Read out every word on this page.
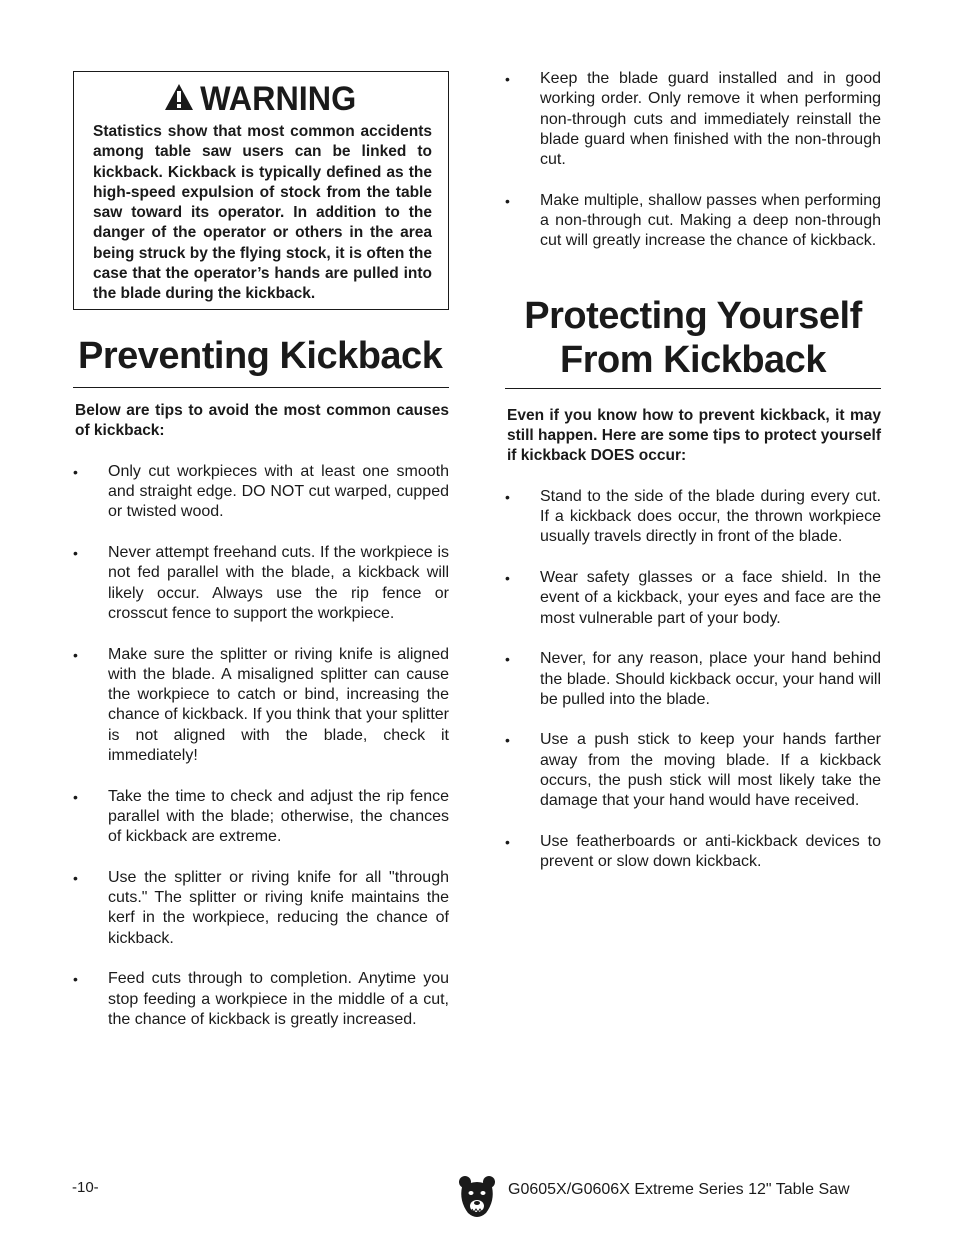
WARNING

Statistics show that most common accidents among table saw users can be linked to kickback. Kickback is typically defined as the high-speed expulsion of stock from the table saw toward its operator. In addition to the danger of the operator or others in the area being struck by the flying stock, it is often the case that the operator’s hands are pulled into the blade during the kickback.

Preventing Kickback

Below are tips to avoid the most common causes of kickback:

• Only cut workpieces with at least one smooth and straight edge. DO NOT cut warped, cupped or twisted wood.
• Never attempt freehand cuts. If the workpiece is not fed parallel with the blade, a kickback will likely occur. Always use the rip fence or crosscut fence to support the workpiece.
• Make sure the splitter or riving knife is aligned with the blade. A misaligned splitter can cause the workpiece to catch or bind, increasing the chance of kickback. If you think that your splitter is not aligned with the blade, check it immediately!
• Take the time to check and adjust the rip fence parallel with the blade; otherwise, the chances of kickback are extreme.
• Use the splitter or riving knife for all "through cuts." The splitter or riving knife maintains the kerf in the workpiece, reducing the chance of kickback.
• Feed cuts through to completion. Anytime you stop feeding a workpiece in the middle of a cut, the chance of kickback is greatly increased.
• Keep the blade guard installed and in good working order. Only remove it when performing non-through cuts and immediately reinstall the blade guard when finished with the non-through cut.
• Make multiple, shallow passes when performing a non-through cut. Making a deep non-through cut will greatly increase the chance of kickback.
Protecting Yourself
From Kickback

Even if you know how to prevent kickback, it may still happen. Here are some tips to protect yourself if kickback DOES occur:

• Stand to the side of the blade during every cut. If a kickback does occur, the thrown workpiece usually travels directly in front of the blade.
• Wear safety glasses or a face shield. In the event of a kickback, your eyes and face are the most vulnerable part of your body.
• Never, for any reason, place your hand behind the blade. Should kickback occur, your hand will be pulled into the blade.
• Use a push stick to keep your hands farther away from the moving blade. If a kickback occurs, the push stick will most likely take the damage that your hand would have received.
• Use featherboards or anti-kickback devices to prevent or slow down kickback.
-10-	G0605X/G0606X Extreme Series 12" Table Saw
